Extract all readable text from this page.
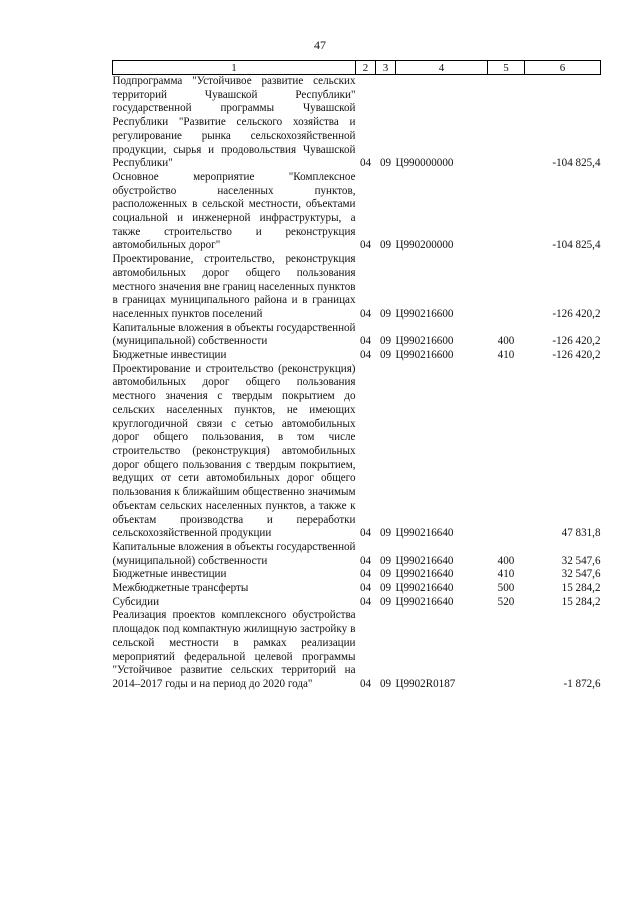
47
1	2	3	4	5	6
Подпрограмма "Устойчивое развитие сельских территорий Чувашской Республики" государственной программы Чувашской Республики "Развитие сельского хозяйства и регулирование рынка сельскохозяйственной продукции, сырья и продовольствия Чувашской Республики"	04	09	Ц990000000		-104 825,4
Основное мероприятие "Комплексное обустройство населенных пунктов, расположенных в сельской местности, объектами социальной и инженерной инфраструктуры, а также строительство и реконструкция автомобильных дорог"	04	09	Ц990200000		-104 825,4
Проектирование, строительство, реконструкция автомобильных дорог общего пользования местного значения вне границ населенных пунктов в границах муниципального района и в границах населенных пунктов поселений	04	09	Ц990216600		-126 420,2
Капитальные вложения в объекты государственной (муниципальной) собственности	04	09	Ц990216600	400	-126 420,2
Бюджетные инвестиции	04	09	Ц990216600	410	-126 420,2
Проектирование и строительство (реконструкция) автомобильных дорог общего пользования местного значения с твердым покрытием до сельских населенных пунктов, не имеющих круглогодичной связи с сетью автомобильных дорог общего пользования, в том числе строительство (реконструкция) автомобильных дорог общего пользования с твердым покрытием, ведущих от сети автомобильных дорог общего пользования к ближайшим общественно значимым объектам сельских населенных пунктов, а также к объектам производства и переработки сельскохозяйственной продукции	04	09	Ц990216640		47 831,8
Капитальные вложения в объекты государственной (муниципальной) собственности	04	09	Ц990216640	400	32 547,6
Бюджетные инвестиции	04	09	Ц990216640	410	32 547,6
Межбюджетные трансферты	04	09	Ц990216640	500	15 284,2
Субсидии	04	09	Ц990216640	520	15 284,2
Реализация проектов комплексного обустройства площадок под компактную жилищную застройку в сельской местности в рамках реализации мероприятий федеральной целевой программы "Устойчивое развитие сельских территорий на 2014–2017 годы и на период до 2020 года"	04	09	Ц9902R0187		-1 872,6
